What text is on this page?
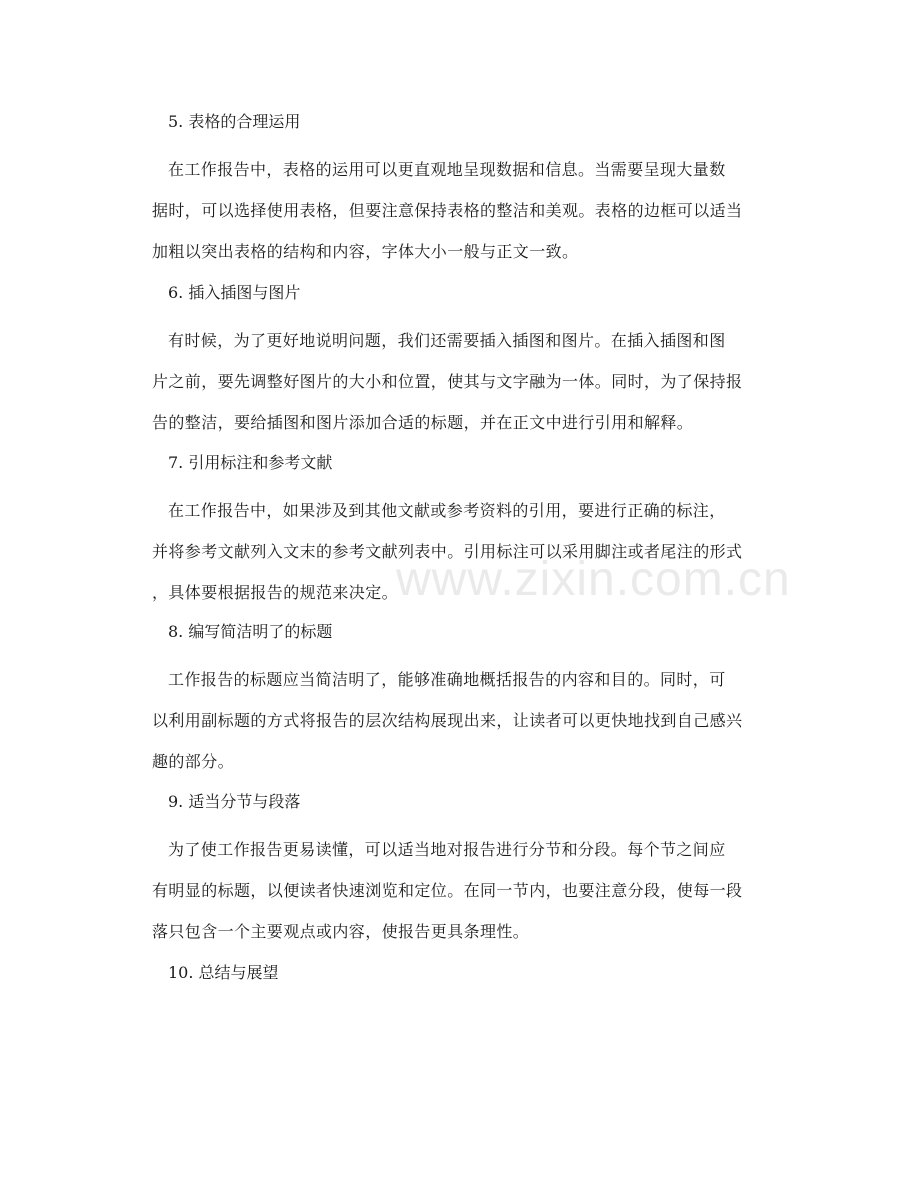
5. 表格的合理运用
在工作报告中，表格的运用可以更直观地呈现数据和信息。当需要呈现大量数
据时，可以选择使用表格，但要注意保持表格的整洁和美观。表格的边框可以适当
加粗以突出表格的结构和内容，字体大小一般与正文一致。
6. 插入插图与图片
有时候，为了更好地说明问题，我们还需要插入插图和图片。在插入插图和图
片之前，要先调整好图片的大小和位置，使其与文字融为一体。同时，为了保持报
告的整洁，要给插图和图片添加合适的标题，并在正文中进行引用和解释。
7. 引用标注和参考文献
在工作报告中，如果涉及到其他文献或参考资料的引用，要进行正确的标注，
并将参考文献列入文末的参考文献列表中。引用标注可以采用脚注或者尾注的形式
，具体要根据报告的规范来决定。
8. 编写简洁明了的标题
工作报告的标题应当简洁明了，能够准确地概括报告的内容和目的。同时，可
以利用副标题的方式将报告的层次结构展现出来，让读者可以更快地找到自己感兴
趣的部分。
9. 适当分节与段落
为了使工作报告更易读懂，可以适当地对报告进行分节和分段。每个节之间应
有明显的标题，以便读者快速浏览和定位。在同一节内，也要注意分段，使每一段
落只包含一个主要观点或内容，使报告更具条理性。
10. 总结与展望
www.zixin.com.cn
